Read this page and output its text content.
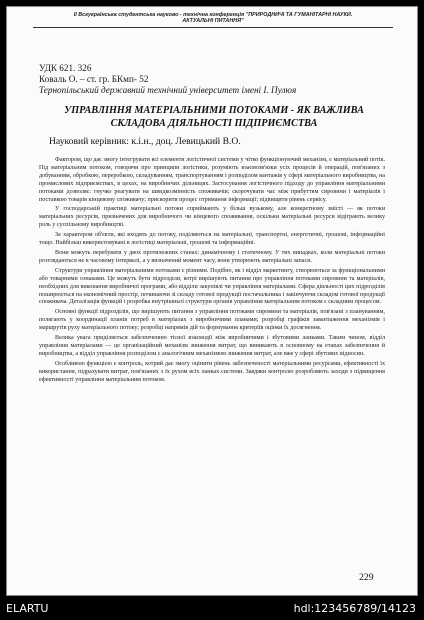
ІІ Всеукраїнська студентська науково - технічна конференція "ПРИРОДНИЧІ ТА ГУМАНІТАРНІ НАУКИ.
АКТУАЛЬНІ ПИТАННЯ"
УДК 621. 326
Коваль О. – ст. гр. БКмп- 52
Тернопільський державний технічний університет імені І. Пулюя
УПРАВЛІННЯ МАТЕРІАЛЬНИМИ ПОТОКАМИ - ЯК ВАЖЛИВА СКЛАДОВА ДІЯЛЬНОСТІ ПІДПРИЄМСТВА
Науковий керівник: к.і.н., доц. Левицький В.О.

Фактором, що дає змогу інтегрувати всі елементи логістичної системи у чітко функціонуючий механізм, є матеріальний потік. Під матеріальним потоком, говорячи про принципи логістики, розуміють взаємозв'язки усіх процесів й операцій, пов'язаних з добуванням, обробкою, переробкою, складуванням, транспортуванням і розподілом вантажів у сфері матеріального виробництва, на промислових підприємствах, в цехах, на виробничих дільницях. Застосування логістичного підходу до управління матеріальними потоками дозволяє: гнучко реагувати на швидкозмінність споживачів; скорочувати час між прибуттям сировини і матеріалів і поставкою товарів кінцевому споживачу; прискорити процес отримання інформації; підвищити рівень сервісу.

У господарській практиці матеріальні потоки сприймають у більш вузькому, але конкретному змісті — як потоки матеріальних ресурсів, призначених для виробничого чи кінцевого споживання, оскільки матеріальні ресурси відіграють велику роль у суспільному виробництві.

За характером об'єкти, які входять до потоку, поділяються на матеріальні, транспортні, енергетичні, грошові, інформаційні тощо. Найбільш використовувані в логістиці матеріальні, грошові та інформаційні.

Вони можуть перебувати у двох протилежних станах: динамічному і статичному. У тих випадках, коли матеріальні потоки розглядаються не в часовому інтервалі, а у визначений момент часу, вони утворюють матеріальні запаси.

Структури управління матеріальними потоками є різними. Подібно, як і відділ маркетингу, створюються за функціональними або товарними ознаками. Це можуть бути підрозділи, котрі вирішують питання про управління потоками сировини та матеріалів, необхідних для виконання виробничої програми, або відділи закупівлі чи управління матеріалами. Сфера діяльності цих підрозділів поширюється на економічний простір, починаючи зі складу готової продукції постачальника і закінчуючи складом готової продукції споживача. Деталізація функцій і розробка внутрішньої структури органів управління матеріальним потоком є складним процесом.

Основні функції підрозділів, що вирішують питання з управління потоками сировини та матеріалів, пов'язані з плануванням, полягають у координації планів потреб в матеріалах з виробничими планами; розробці графіків завантаження механізмів і маршрутів руху матеріального потоку; розробці напрямів дій та формування критеріїв оцінки їх досягнення.

Велика увага приділяється забезпеченню тісної взаємодії між виробничими і збутовими ланками. Таким чином, відділ управління матеріалами — це організаційний механізм зниження витрат, що виникають в основному на етапах забезпечення й виробництва, а відділ управління розподілом є аналогічним механізмом зниження витрат, але вже у сфері збутових відносин.

Особливою функцією є контроль, котрий дає змогу оцінити рівень забезпеченості матеріальними ресурсами, ефективності їх використання, підрахувати витрат, пов'язаних з їх рухом всіх ланках системи. Завдяки контролю розробляють заходи з підвищення ефективності управління матеріальним потоком.

229
ELARTU	hdl:123456789/14123
